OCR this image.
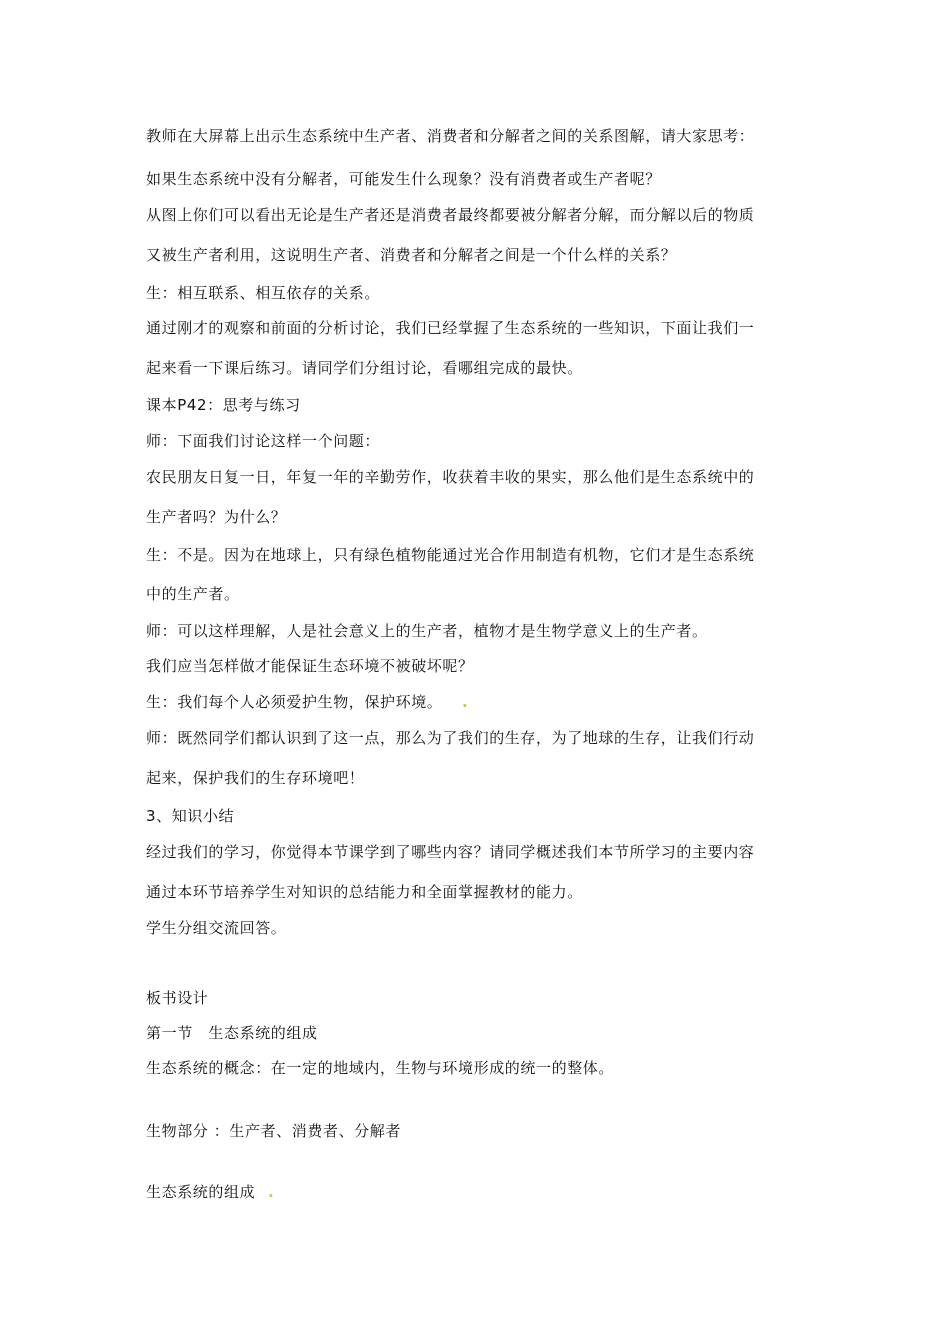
教师在大屏幕上出示生态系统中生产者、消费者和分解者之间的关系图解，请大家思考：
如果生态系统中没有分解者，可能发生什么现象？没有消费者或生产者呢？
从图上你们可以看出无论是生产者还是消费者最终都要被分解者分解，而分解以后的物质
又被生产者利用，这说明生产者、消费者和分解者之间是一个什么样的关系？
生：相互联系、相互依存的关系。
通过刚才的观察和前面的分析讨论，我们已经掌握了生态系统的一些知识，下面让我们一
起来看一下课后练习。请同学们分组讨论，看哪组完成的最快。
课本P42：思考与练习
师：下面我们讨论这样一个问题：
农民朋友日复一日，年复一年的辛勤劳作，收获着丰收的果实，那么他们是生态系统中的
生产者吗？为什么？
生：不是。因为在地球上，只有绿色植物能通过光合作用制造有机物，它们才是生态系统
中的生产者。
师：可以这样理解，人是社会意义上的生产者，植物才是生物学意义上的生产者。
我们应当怎样做才能保证生态环境不被破坏呢？
生：我们每个人必须爱护生物，保护环境。 .
师：既然同学们都认识到了这一点，那么为了我们的生存，为了地球的生存，让我们行动
起来，保护我们的生存环境吧！
3、知识小结
经过我们的学习，你觉得本节课学到了哪些内容？请同学概述我们本节所学习的主要内容
通过本环节培养学生对知识的总结能力和全面掌握教材的能力。
学生分组交流回答。
板书设计
第一节　生态系统的组成
生态系统的概念：在一定的地域内，生物与环境形成的统一的整体。
生物部分 ：生产者、消费者、分解者
生态系统的组成 .
